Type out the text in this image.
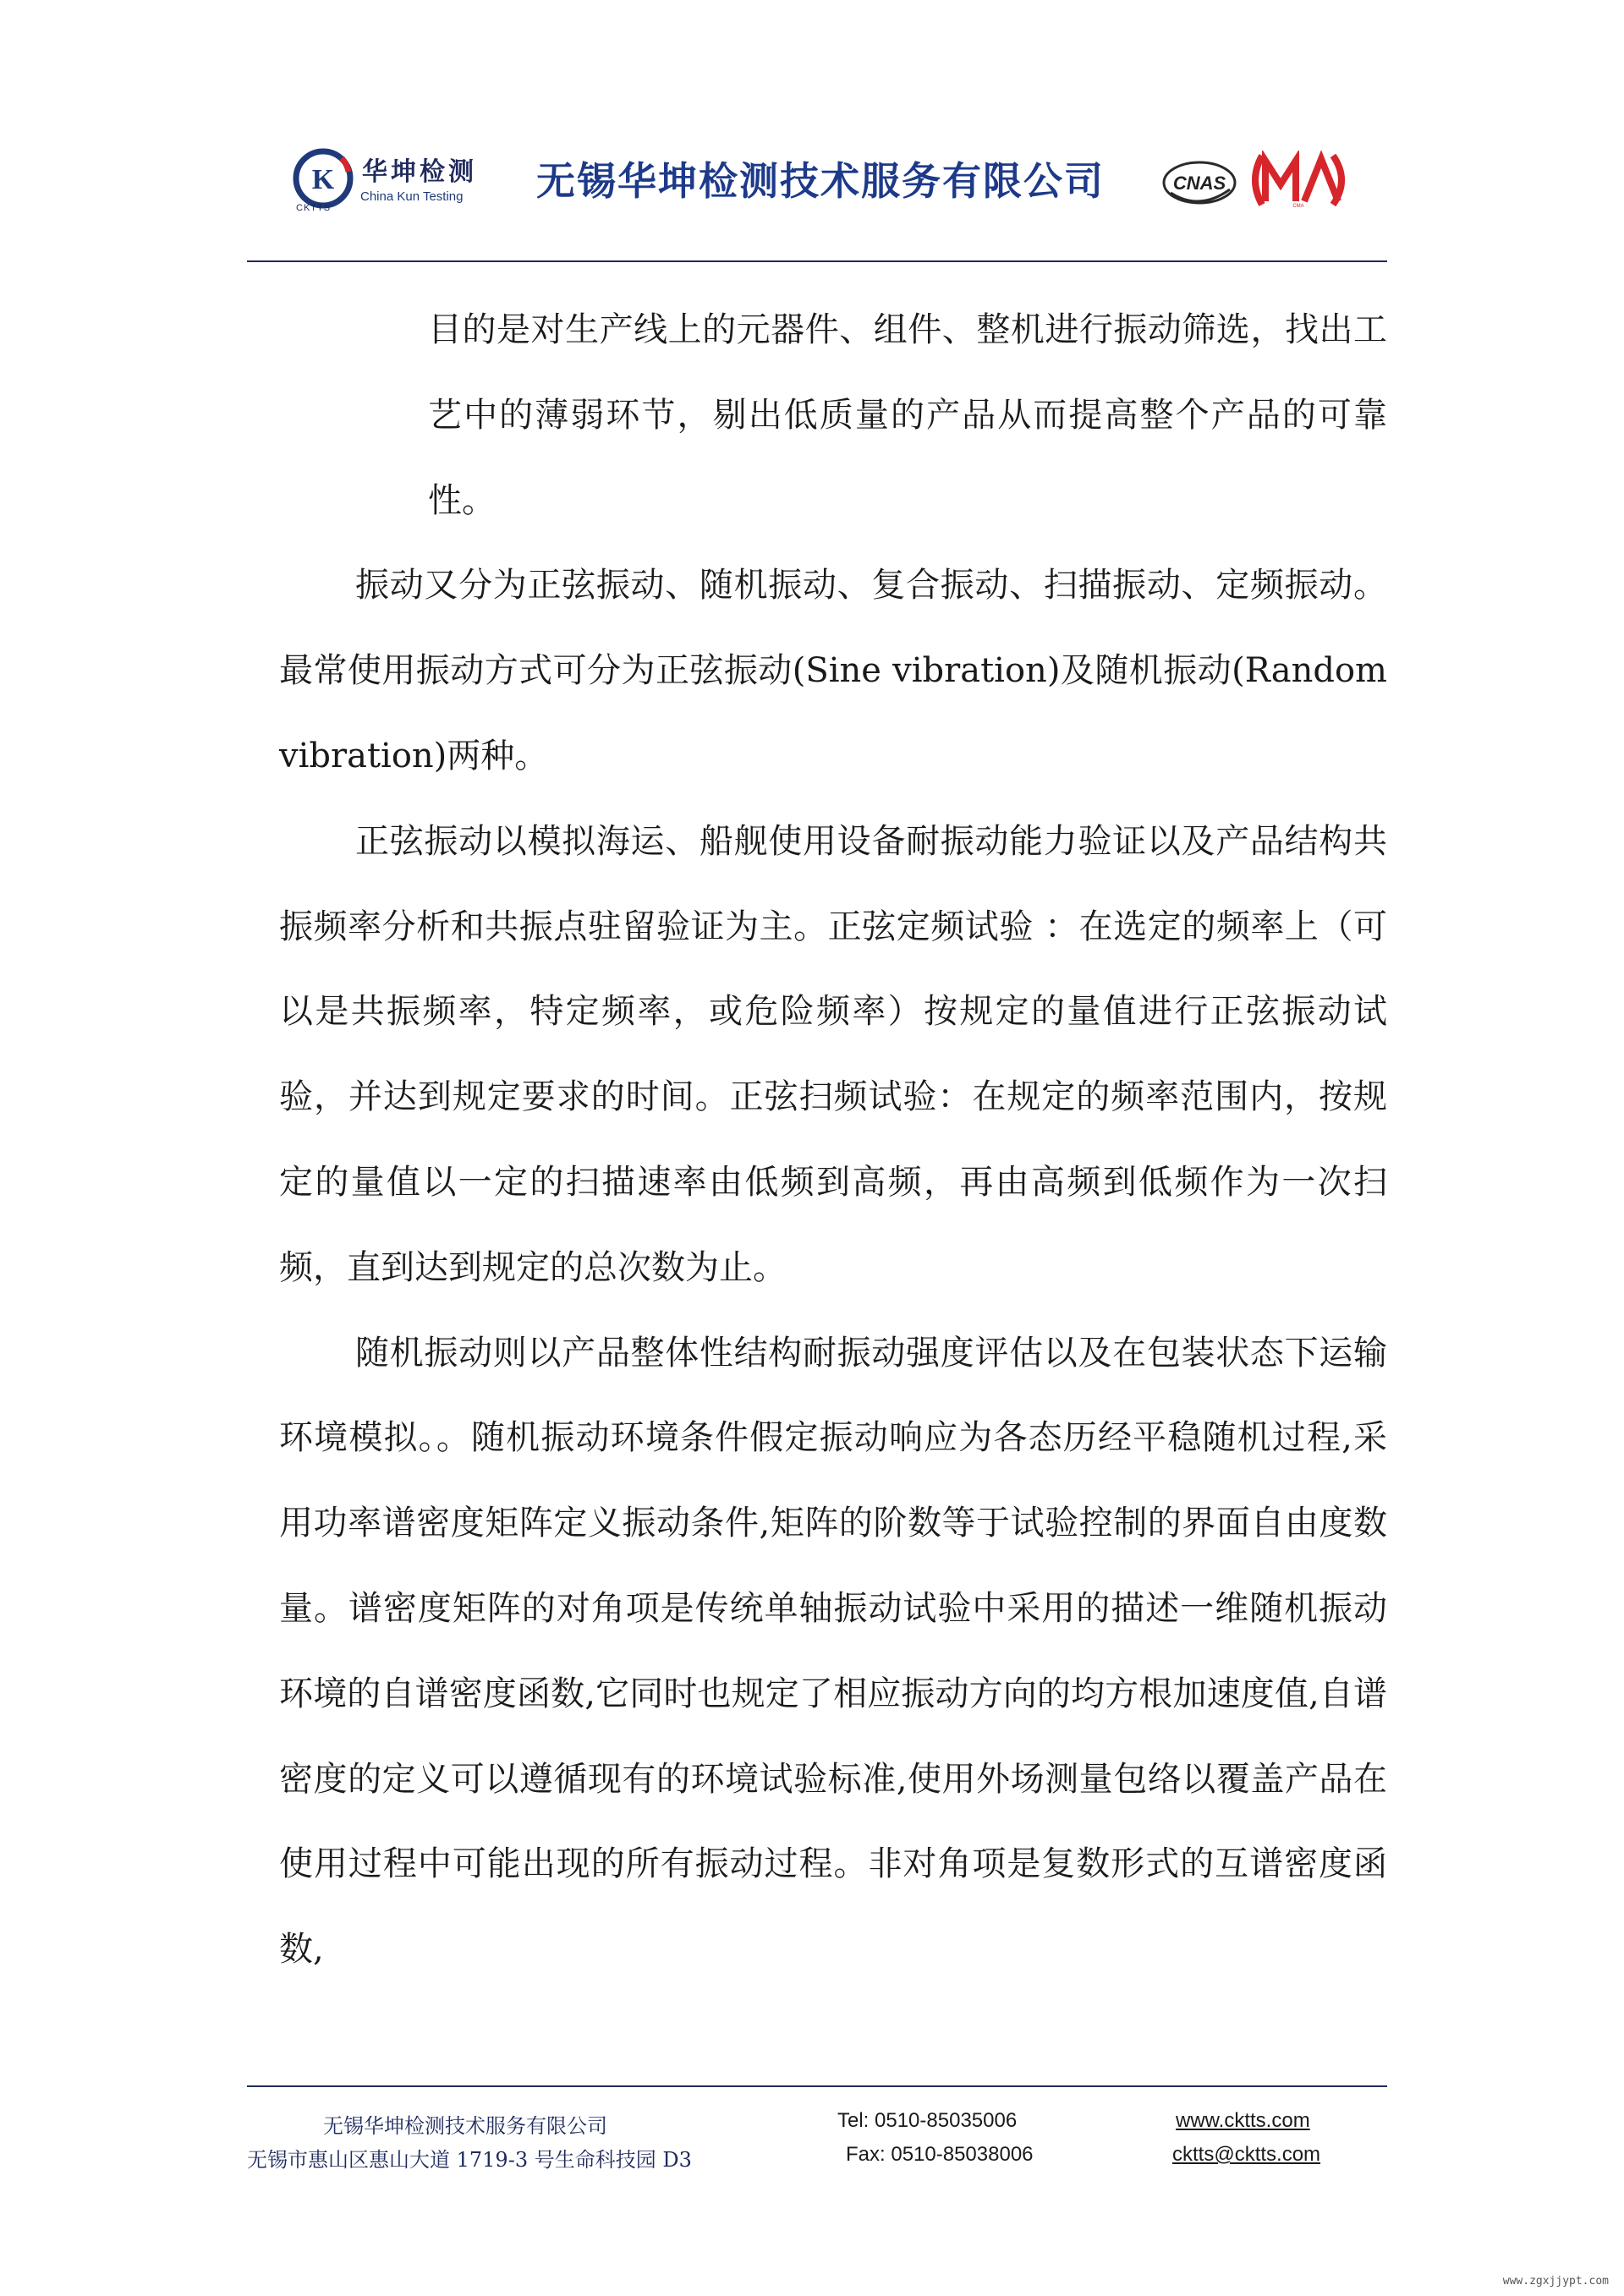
K 华坤检测
China Kun Testing
CKTTS
无锡华坤检测技术服务有限公司	CNAS
CMA

目的是对生产线上的元器件、组件、整机进行振动筛选，找出工艺中的薄弱环节，剔出低质量的产品从而提高整个产品的可靠性。

振动又分为正弦振动、随机振动、复合振动、扫描振动、定频振动。最常使用振动方式可分为正弦振动(Sine vibration)及随机振动(Random vibration)两种。

正弦振动以模拟海运、船舰使用设备耐振动能力验证以及产品结构共振频率分析和共振点驻留验证为主。正弦定频试验 ：在选定的频率上（可以是共振频率，特定频率，或危险频率）按规定的量值进行正弦振动试验，并达到规定要求的时间。正弦扫频试验：在规定的频率范围内，按规定的量值以一定的扫描速率由低频到高频，再由高频到低频作为一次扫频，直到达到规定的总次数为止。

随机振动则以产品整体性结构耐振动强度评估以及在包装状态下运输环境模拟。。随机振动环境条件假定振动响应为各态历经平稳随机过程,采用功率谱密度矩阵定义振动条件,矩阵的阶数等于试验控制的界面自由度数量。谱密度矩阵的对角项是传统单轴振动试验中采用的描述一维随机振动环境的自谱密度函数,它同时也规定了相应振动方向的均方根加速度值,自谱密度的定义可以遵循现有的环境试验标准,使用外场测量包络以覆盖产品在使用过程中可能出现的所有振动过程。非对角项是复数形式的互谱密度函数,

无锡华坤检测技术服务有限公司
无锡市惠山区惠山大道 1719-3 号生命科技园 D3
Tel: 0510-85035006
Fax: 0510-85038006
www.cktts.com
cktts@cktts.com
www.zgxjjypt.com
